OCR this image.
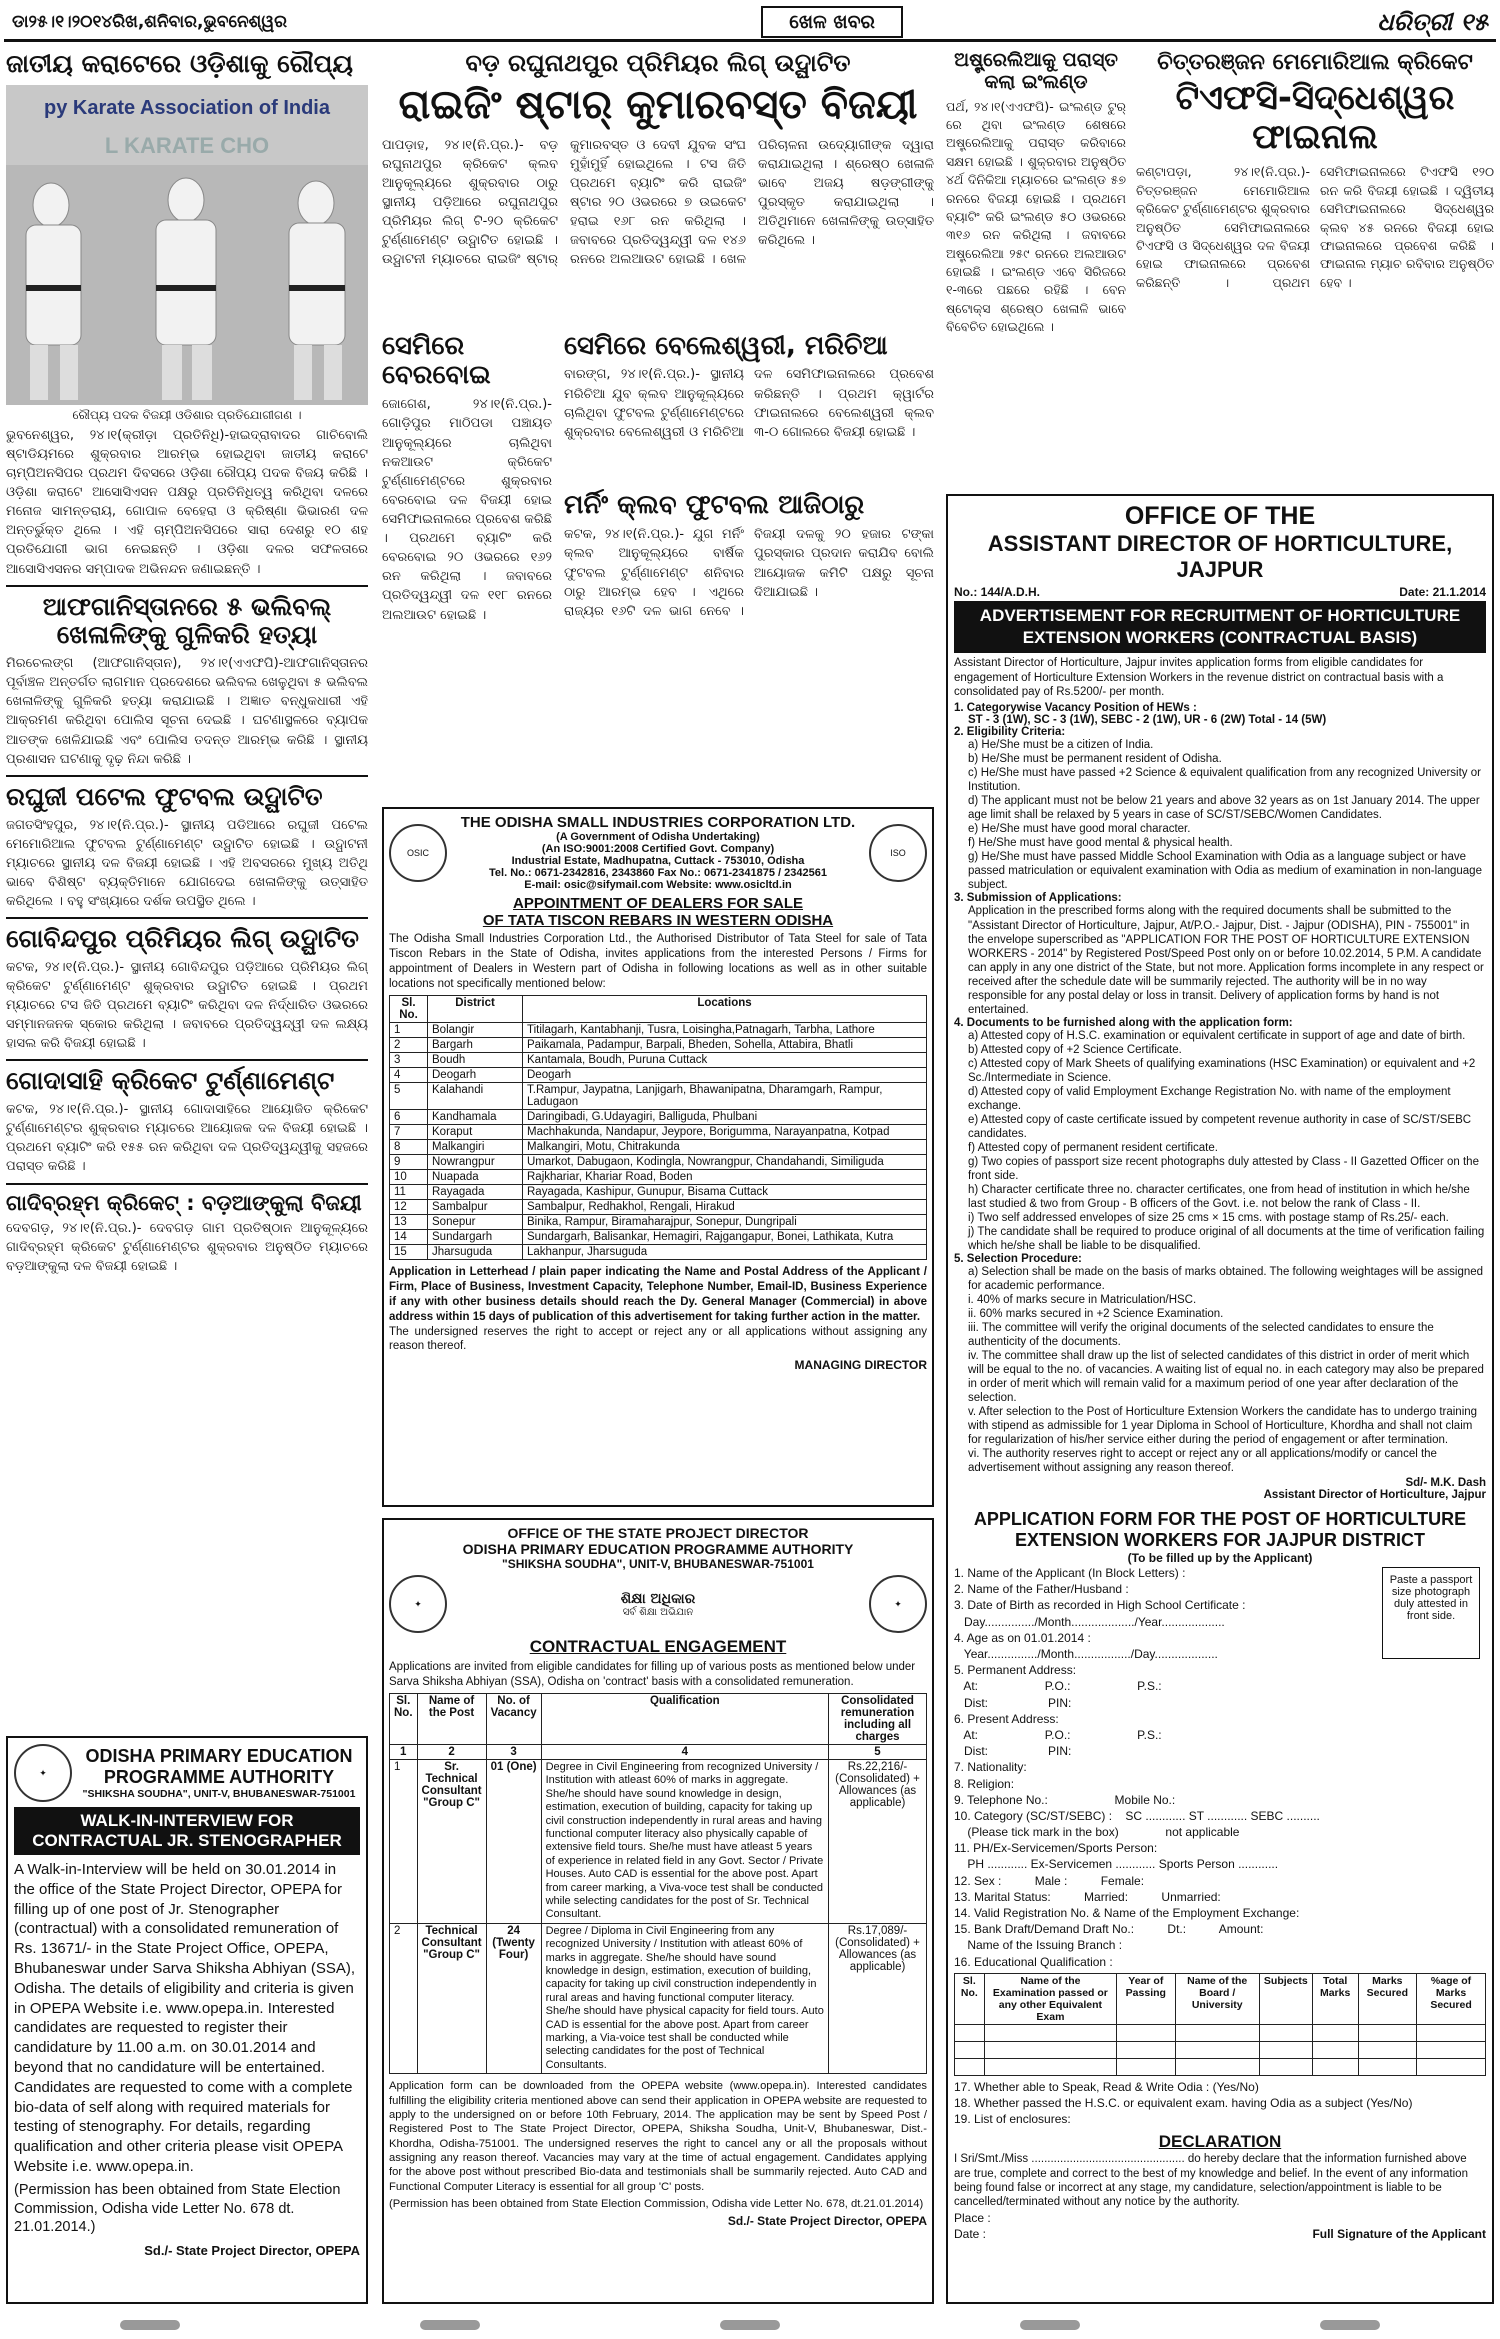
ଡା୨୫।୧।୨୦୧୪ରିଖ,ଶନିବାର,ଭୁବନେଶ୍ୱର	ଖେଳ ଖବର	ଧରିତ୍ରୀ ୧୫
ଜାତୀୟ କରାଟେରେ ଓଡ଼ିଶାକୁ ରୌପ୍ୟ
py Karate Association of India
L KARATE CHO
ରୌପ୍ୟ ପଦକ ବିଜୟୀ ଓଡିଶାର ପ୍ରତିଯୋଗୀଗଣ ।
ଭୁବନେଶ୍ୱର, ୨୪।୧(କ୍ରୀଡ଼ା ପ୍ରତିନିଧି)-ହାଇଦ୍ରାବାଦର ଗାଚିବୋଲି ଷ୍ଟାଡିୟମରେ ଶୁକ୍ରବାର ଆରମ୍ଭ ହୋଇଥିବା ଜାତୀୟ କରାଟେ ଚାମ୍ପିଅନସିପର ପ୍ରଥମ ଦିବସରେ ଓଡ଼ିଶା ରୌପ୍ୟ ପଦକ ବିଜୟ କରିଛି । ଓଡ଼ିଶା କରାଟେ ଆସୋସିଏସନ ପକ୍ଷରୁ ପ୍ରତିନିଧିତ୍ୱ କରିଥିବା ଦଳରେ ମନୋଜ ସାମନ୍ତରାୟ, ଗୋପାଳ ବେହେରା ଓ କ୍ରିଷ୍ଣା ଭିଭାରଣ ଦଳ ଅନ୍ତର୍ଭୁକ୍ତ ଥିଲେ । ଏହି ଚାମ୍ପିଅନସିପରେ ସାରା ଦେଶରୁ ୧୦ ଶହ ପ୍ରତିଯୋଗୀ ଭାଗ ନେଇଛନ୍ତି । ଓଡ଼ିଶା ଦଳର ସଫଳତାରେ ଆସୋସିଏସନର ସମ୍ପାଦକ ଅଭିନନ୍ଦନ ଜଣାଇଛନ୍ତି ।
ଆଫଗାନିସ୍ତାନରେ ୫ ଭଲିବଲ୍ ଖେଳାଳିଙ୍କୁ ଗୁଳିକରି ହତ୍ୟା
ମିରଚେଲଙ୍ଗ (ଆଫଗାନିସ୍ତାନ), ୨୪।୧(ଏଏଫପି)-ଆଫଗାନିସ୍ତାନର ପୂର୍ବାଞ୍ଚଳ ଅନ୍ତର୍ଗତ ଲାଗମାନ ପ୍ରଦେଶରେ ଭଲିବଲ ଖେଳୁଥିବା ୫ ଭଲିବଲ ଖେଳାଳିଙ୍କୁ ଗୁଳିକରି ହତ୍ୟା କରାଯାଇଛି । ଅଜ୍ଞାତ ବନ୍ଧୁକଧାରୀ ଏହି ଆକ୍ରମଣ କରିଥିବା ପୋଲିସ ସୂଚନା ଦେଇଛି । ଘଟଣାସ୍ଥଳରେ ବ୍ୟାପକ ଆତଙ୍କ ଖେଳିଯାଇଛି ଏବଂ ପୋଲିସ ତଦନ୍ତ ଆରମ୍ଭ କରିଛି । ସ୍ଥାନୀୟ ପ୍ରଶାସନ ଘଟଣାକୁ ଦୃଢ଼ ନିନ୍ଦା କରିଛି ।
ରଘୁଜୀ ପଟେଲ ଫୁଟବଲ ଉଦ୍ଘାଟିତ
ଜଗତସିଂହପୁର, ୨୪।୧(ନି.ପ୍ର.)- ସ୍ଥାନୀୟ ପଡିଆରେ ରଘୁଜୀ ପଟେଲ ମେମୋରିଆଲ ଫୁଟବଲ ଟୁର୍ଣ୍ଣାମେଣ୍ଟ ଉଦ୍ଘାଟିତ ହୋଇଛି । ଉଦ୍ଘାଟନୀ ମ୍ୟାଚରେ ସ୍ଥାନୀୟ ଦଳ ବିଜୟୀ ହୋଇଛି । ଏହି ଅବସରରେ ମୁଖ୍ୟ ଅତିଥି ଭାବେ ବିଶିଷ୍ଟ ବ୍ୟକ୍ତିମାନେ ଯୋଗଦେଇ ଖେଳାଳିଙ୍କୁ ଉତ୍ସାହିତ କରିଥିଲେ । ବହୁ ସଂଖ୍ୟାରେ ଦର୍ଶକ ଉପସ୍ଥିତ ଥିଲେ ।
ଗୋବିନ୍ଦପୁର ପ୍ରିମିୟର ଲିଗ୍ ଉଦ୍ଘାଟିତ
କଟକ, ୨୪।୧(ନି.ପ୍ର.)- ସ୍ଥାନୀୟ ଗୋବିନ୍ଦପୁର ପଡ଼ିଆରେ ପ୍ରିମିୟର ଲିଗ୍ କ୍ରିକେଟ ଟୁର୍ଣ୍ଣାମେଣ୍ଟ ଶୁକ୍ରବାର ଉଦ୍ଘାଟିତ ହୋଇଛି । ପ୍ରଥମ ମ୍ୟାଚରେ ଟସ ଜିତି ପ୍ରଥମେ ବ୍ୟାଟିଂ କରିଥିବା ଦଳ ନିର୍ଦ୍ଧାରିତ ଓଭରରେ ସମ୍ମାନଜନକ ସ୍କୋର କରିଥିଲା । ଜବାବରେ ପ୍ରତିଦ୍ୱନ୍ଦ୍ୱୀ ଦଳ ଲକ୍ଷ୍ୟ ହାସଲ କରି ବିଜୟୀ ହୋଇଛି ।
ଗୋଦାସାହି କ୍ରିକେଟ ଟୁର୍ଣ୍ଣାମେଣ୍ଟ
କଟକ, ୨୪।୧(ନି.ପ୍ର.)- ସ୍ଥାନୀୟ ଗୋଦାସାହିରେ ଆୟୋଜିତ କ୍ରିକେଟ ଟୁର୍ଣ୍ଣାମେଣ୍ଟର ଶୁକ୍ରବାର ମ୍ୟାଚରେ ଆୟୋଜକ ଦଳ ବିଜୟୀ ହୋଇଛି । ପ୍ରଥମେ ବ୍ୟାଟିଂ କରି ୧୫୫ ରନ କରିଥିବା ଦଳ ପ୍ରତିଦ୍ୱନ୍ଦ୍ୱୀକୁ ସହଜରେ ପରାସ୍ତ କରିଛି ।
ଗାଦିବ୍ରହ୍ମ କ୍ରିକେଟ୍ : ବଡ଼ଆଙ୍କୁଲା ବିଜୟୀ
ଦେବଗଡ଼, ୨୪।୧(ନି.ପ୍ର.)- ଦେବଗଡ଼ ଗାମ ପ୍ରତିଷ୍ଠାନ ଆନୁକୂଳ୍ୟରେ ଗାଦିବ୍ରହ୍ମ କ୍ରିକେଟ ଟୁର୍ଣ୍ଣାମେଣ୍ଟର ଶୁକ୍ରବାର ଅନୁଷ୍ଠିତ ମ୍ୟାଚରେ ବଡ଼ଆଙ୍କୁଲା ଦଳ ବିଜୟୀ ହୋଇଛି ।
✦
ODISHA PRIMARY EDUCATION
PROGRAMME AUTHORITY
"SHIKSHA SOUDHA", UNIT-V, BHUBANESWAR-751001
WALK-IN-INTERVIEW FOR CONTRACTUAL JR. STENOGRAPHER
A Walk-in-Interview will be held on 30.01.2014 in the office of the State Project Director, OPEPA for filling up of one post of Jr. Stenographer (contractual) with a consolidated remuneration of Rs. 13671/- in the State Project Office, OPEPA, Bhubaneswar under Sarva Shiksha Abhiyan (SSA), Odisha. The details of eligibility and criteria is given in OPEPA Website i.e. www.opepa.in. Interested candidates are requested to register their candidature by 11.00 a.m. on 30.01.2014 and beyond that no candidature will be entertained. Candidates are requested to come with a complete bio-data of self along with required materials for testing of stenography. For details, regarding qualification and other criteria please visit OPEPA Website i.e. www.opepa.in.
(Permission has been obtained from State Election Commission, Odisha vide Letter No. 678 dt. 21.01.2014.)
Sd./- State Project Director, OPEPA
ବଡ଼ ରଘୁନାଥପୁର ପ୍ରିମିୟର ଲିଗ୍ ଉଦ୍ଘାଟିତ
ରାଇଜିଂ ଷ୍ଟାର୍ କୁମାରବସ୍ତ ବିଜୟୀ
ପାପଡ଼ାହ, ୨୪।୧(ନି.ପ୍ର.)- ବଡ଼ ରଘୁନାଥପୁର କ୍ରିକେଟ କ୍ଲବ ଆନୁକୂଲ୍ୟରେ ଶୁକ୍ରବାର ଠାରୁ ସ୍ଥାନୀୟ ପଡ଼ିଆରେ ରଘୁନାଥପୁର ପ୍ରିମିୟର ଲିଗ୍ ଟି-୨୦ କ୍ରିକେଟ ଟୁର୍ଣ୍ଣାମେଣ୍ଟ ଉଦ୍ଘାଟିତ ହୋଇଛି । ଉଦ୍ଘାଟନୀ ମ୍ୟାଚରେ ରାଇଜିଂ ଷ୍ଟାର୍ କୁମାରବସ୍ତ ଓ ଦେବୀ ଯୁବକ ସଂଘ ମୁହାଁମୁହିଁ ହୋଇଥିଲେ । ଟସ ଜିତି ପ୍ରଥମେ ବ୍ୟାଟିଂ କରି ରାଇଜିଂ ଷ୍ଟାର ୨୦ ଓଭରରେ ୭ ଉଇକେଟ ହରାଇ ୧୬୮ ରନ କରିଥିଲା । ଜବାବରେ ପ୍ରତିଦ୍ୱନ୍ଦ୍ୱୀ ଦଳ ୧୪୬ ରନରେ ଅଲଆଉଟ ହୋଇଛି । ଖେଳ ପରିଚାଳନା ଉଦ୍ୟୋଗୀଙ୍କ ଦ୍ୱାରା କରାଯାଇଥିଲା । ଶ୍ରେଷ୍ଠ ଖେଳାଳି ଭାବେ ଅଜୟ ଷଡ଼ଙ୍ଗୀଙ୍କୁ ପୁରସ୍କୃତ କରାଯାଇଥିଲା । ଅତିଥିମାନେ ଖେଳାଳିଙ୍କୁ ଉତ୍ସାହିତ କରିଥିଲେ ।
ସେମିରେ ବେରବୋଇ
ଜୋଗେଶ, ୨୪।୧(ନି.ପ୍ର.)- ଗୋଡ଼ିପୁର ମାଠିପଡା ପଞ୍ଚାୟତ ଆନୁକୂଲ୍ୟରେ ଚାଲିଥିବା ନକଆଉଟ କ୍ରିକେଟ ଟୁର୍ଣ୍ଣାମେଣ୍ଟରେ ଶୁକ୍ରବାର ବେରବୋଇ ଦଳ ବିଜୟୀ ହୋଇ ସେମିଫାଇନାଲରେ ପ୍ରବେଶ କରିଛି । ପ୍ରଥମେ ବ୍ୟାଟିଂ କରି ବେରବୋଇ ୨୦ ଓଭରରେ ୧୬୨ ରନ କରିଥିଲା । ଜବାବରେ ପ୍ରତିଦ୍ୱନ୍ଦ୍ୱୀ ଦଳ ୧୧୮ ରନରେ ଅଲଆଉଟ ହୋଇଛି ।
ସେମିରେ ବେଲେଶ୍ୱରୀ, ମରିଚିଆ
ବାରଙ୍ଗ, ୨୪।୧(ନି.ପ୍ର.)- ସ୍ଥାନୀୟ ମରିଚିଆ ଯୁବ କ୍ଲବ ଆନୁକୂଲ୍ୟରେ ଚାଲିଥିବା ଫୁଟବଲ ଟୁର୍ଣ୍ଣାମେଣ୍ଟରେ ଶୁକ୍ରବାର ବେଲେଶ୍ୱରୀ ଓ ମରିଚିଆ ଦଳ ସେମିଫାଇନାଲରେ ପ୍ରବେଶ କରିଛନ୍ତି । ପ୍ରଥମ କ୍ୱାର୍ଟର ଫାଇନାଲରେ ବେଲେଶ୍ୱରୀ କ୍ଲବ ୩-୦ ଗୋଲରେ ବିଜୟୀ ହୋଇଛି ।
ମର୍ନିଂ କ୍ଲବ ଫୁଟବଲ ଆଜିଠାରୁ
କଟକ, ୨୪।୧(ନି.ପ୍ର.)- ଯୁଗ ମର୍ନିଂ କ୍ଲବ ଆନୁକୂଲ୍ୟରେ ବାର୍ଷିକ ଫୁଟବଲ ଟୁର୍ଣ୍ଣାମେଣ୍ଟ ଶନିବାର ଠାରୁ ଆରମ୍ଭ ହେବ । ଏଥିରେ ରାଜ୍ୟର ୧୬ଟି ଦଳ ଭାଗ ନେବେ । ବିଜୟୀ ଦଳକୁ ୨୦ ହଜାର ଟଙ୍କା ପୁରସ୍କାର ପ୍ରଦାନ କରାଯିବ ବୋଲି ଆୟୋଜକ କମିଟି ପକ୍ଷରୁ ସୂଚନା ଦିଆଯାଇଛି ।
OSIC
THE ODISHA SMALL INDUSTRIES CORPORATION LTD.
(A Government of Odisha Undertaking)
(An ISO:9001:2008 Certified Govt. Company)
Industrial Estate, Madhupatna, Cuttack - 753010, Odisha
Tel. No.: 0671-2342816, 2343860 Fax No.: 0671-2341875 / 2342561
E-mail: osic@sifymail.com Website: www.osicltd.in
ISO
APPOINTMENT OF DEALERS FOR SALE
OF TATA TISCON REBARS IN WESTERN ODISHA
The Odisha Small Industries Corporation Ltd., the Authorised Distributor of Tata Steel for sale of Tata Tiscon Rebars in the State of Odisha, invites applications from the interested Persons / Firms for appointment of Dealers in Western part of Odisha in following locations as well as in other suitable locations not specifically mentioned below:
Sl. No.	District	Locations
1	Bolangir	Titilagarh, Kantabhanji, Tusra, Loisingha,Patnagarh, Tarbha, Lathore
2	Bargarh	Paikamala, Padampur, Barpali, Bheden, Sohella, Attabira, Bhatli
3	Boudh	Kantamala, Boudh, Puruna Cuttack
4	Deogarh	Deogarh
5	Kalahandi	T.Rampur, Jaypatna, Lanjigarh, Bhawanipatna, Dharamgarh, Rampur, Ladugaon
6	Kandhamala	Daringibadi, G.Udayagiri, Balliguda, Phulbani
7	Koraput	Machhakunda, Nandapur, Jeypore, Borigumma, Narayanpatna, Kotpad
8	Malkangiri	Malkangiri, Motu, Chitrakunda
9	Nowrangpur	Umarkot, Dabugaon, Kodingla, Nowrangpur, Chandahandi, Similiguda
10	Nuapada	Rajkhariar, Khariar Road, Boden
11	Rayagada	Rayagada, Kashipur, Gunupur, Bisama Cuttack
12	Sambalpur	Sambalpur, Redhakhol, Rengali, Hirakud
13	Sonepur	Binika, Rampur, Biramaharajpur, Sonepur, Dungripali
14	Sundargarh	Sundargarh, Balisankar, Hemagiri, Rajgangapur, Bonei, Lathikata, Kutra
15	Jharsuguda	Lakhanpur, Jharsuguda
Application in Letterhead / plain paper indicating the Name and Postal Address of the Applicant / Firm, Place of Business, Investment Capacity, Telephone Number, Email-ID, Business Experience if any with other business details should reach the Dy. General Manager (Commercial) in above address within 15 days of publication of this advertisement for taking further action in the matter.
The undersigned reserves the right to accept or reject any or all applications without assigning any reason thereof.
MANAGING DIRECTOR
OFFICE OF THE STATE PROJECT DIRECTOR
ODISHA PRIMARY EDUCATION PROGRAMME AUTHORITY
"SHIKSHA SOUDHA", UNIT-V, BHUBANESWAR-751001
✦	ଶିକ୍ଷା ଅଧିକାର
ସର୍ବ ଶିକ୍ଷା ଅଭିଯାନ
✦
CONTRACTUAL ENGAGEMENT
Applications are invited from eligible candidates for filling up of various posts as mentioned below under Sarva Shiksha Abhiyan (SSA), Odisha on 'contract' basis with a consolidated remuneration.
Sl. No.	Name of the Post	No. of Vacancy	Qualification	Consolidated remuneration including all charges
1	2	3	4	5
1	Sr. Technical Consultant "Group C"	01 (One)	Degree in Civil Engineering from recognized University / Institution with atleast 60% of marks in aggregate. She/he should have sound knowledge in design, estimation, execution of building, capacity for taking up civil construction independently in rural areas and having functional computer literacy also physically capable of extensive field tours. She/he must have atleast 5 years of experience in related field in any Govt. Sector / Private Houses. Auto CAD is essential for the above post. Apart from career marking, a Viva-voce test shall be conducted while selecting candidates for the post of Sr. Technical Consultant.	Rs.22,216/- (Consolidated) + Allowances (as applicable)
2	Technical Consultant "Group C"	24 (Twenty Four)	Degree / Diploma in Civil Engineering from any recognized University / Institution with atleast 60% of marks in aggregate. She/he should have sound knowledge in design, estimation, execution of building, capacity for taking up civil construction independently in rural areas and having functional computer literacy. She/he should have physical capacity for field tours. Auto CAD is essential for the above post. Apart from career marking, a Via-voice test shall be conducted while selecting candidates for the post of Technical Consultants.	Rs.17,089/- (Consolidated) + Allowances (as applicable)
Application form can be downloaded from the OPEPA website (www.opepa.in). Interested candidates fulfilling the eligibility criteria mentioned above can send their application in OPEPA website are requested to apply to the undersigned on or before 10th February, 2014. The application may be sent by Speed Post / Registered Post to The State Project Director, OPEPA, Shiksha Soudha, Unit-V, Bhubaneswar, Dist.- Khordha, Odisha-751001. The undersigned reserves the right to cancel any or all the proposals without assigning any reason thereof. Vacancies may vary at the time of actual engagement. Candidates applying for the above post without prescribed Bio-data and testimonials shall be summarily rejected. Auto CAD and Functional Computer Literacy is essential for all group 'C' posts.
(Permission has been obtained from State Election Commission, Odisha vide Letter No. 678, dt.21.01.2014)
Sd./- State Project Director, OPEPA
ଅଷ୍ଟ୍ରେଲିଆକୁ ପରାସ୍ତ କଲା ଇଂଲଣ୍ଡ
ପର୍ଥ, ୨୪।୧(ଏଏଫପି)- ଇଂଲଣ୍ଡ ଟୁର୍ ରେ ଥିବା ଇଂଲଣ୍ଡ ଶେଷରେ ଅଷ୍ଟ୍ରେଲିଆକୁ ପରାସ୍ତ କରିବାରେ ସକ୍ଷମ ହୋଇଛି । ଶୁକ୍ରବାର ଅନୁଷ୍ଠିତ ୪ର୍ଥ ଦିନିକିଆ ମ୍ୟାଚରେ ଇଂଲଣ୍ଡ ୫୭ ରନରେ ବିଜୟୀ ହୋଇଛି । ପ୍ରଥମେ ବ୍ୟାଟିଂ କରି ଇଂଲଣ୍ଡ ୫୦ ଓଭରରେ ୩୧୬ ରନ କରିଥିଲା । ଜବାବରେ ଅଷ୍ଟ୍ରେଲିଆ ୨୫୯ ରନରେ ଅଲଆଉଟ ହୋଇଛି । ଇଂଲଣ୍ଡ ଏବେ ସିରିଜରେ ୧-୩ରେ ପଛରେ ରହିଛି । ବେନ ଷ୍ଟୋକ୍ସ ଶ୍ରେଷ୍ଠ ଖେଳାଳି ଭାବେ ବିବେଚିତ ହୋଇଥିଲେ ।
ଚିତ୍ତରଞ୍ଜନ ମେମୋରିଆଲ କ୍ରିକେଟ
ଟିଏଫସି-ସିଦ୍ଧେଶ୍ୱର ଫାଇନାଲ
କଣ୍ଟାପଡ଼ା, ୨୪।୧(ନି.ପ୍ର.)- ଚିତ୍ତରଞ୍ଜନ ମେମୋରିଆଲ କ୍ରିକେଟ ଟୁର୍ଣ୍ଣାମେଣ୍ଟର ଶୁକ୍ରବାର ଅନୁଷ୍ଠିତ ସେମିଫାଇନାଲରେ ଟିଏଫସି ଓ ସିଦ୍ଧେଶ୍ୱର ଦଳ ବିଜୟୀ ହୋଇ ଫାଇନାଲରେ ପ୍ରବେଶ କରିଛନ୍ତି । ପ୍ରଥମ ସେମିଫାଇନାଲରେ ଟିଏଫସି ୧୨୦ ରନ କରି ବିଜୟୀ ହୋଇଛି । ଦ୍ୱିତୀୟ ସେମିଫାଇନାଲରେ ସିଦ୍ଧେଶ୍ୱର କ୍ଲବ ୪୫ ରନରେ ବିଜୟୀ ହୋଇ ଫାଇନାଲରେ ପ୍ରବେଶ କରିଛି । ଫାଇନାଲ ମ୍ୟାଚ ରବିବାର ଅନୁଷ୍ଠିତ ହେବ ।
OFFICE OF THE
ASSISTANT DIRECTOR OF HORTICULTURE, JAJPUR
No.: 144/A.D.H.	Date: 21.1.2014
ADVERTISEMENT FOR RECRUITMENT OF HORTICULTURE EXTENSION WORKERS (CONTRACTUAL BASIS)
Assistant Director of Horticulture, Jajpur invites application forms from eligible candidates for engagement of Horticulture Extension Workers in the revenue district on contractual basis with a consolidated pay of Rs.5200/- per month.
1. Categorywise Vacancy Position of HEWs :
ST - 3 (1W), SC - 3 (1W), SEBC - 2 (1W), UR - 6 (2W) Total - 14 (5W)
2. Eligibility Criteria:
a) He/She must be a citizen of India.
b) He/She must be permanent resident of Odisha.
c) He/She must have passed +2 Science & equivalent qualification from any recognized University or Institution.
d) The applicant must not be below 21 years and above 32 years as on 1st January 2014. The upper age limit shall be relaxed by 5 years in case of SC/ST/SEBC/Women Candidates.
e) He/She must have good moral character.
f) He/She must have good mental & physical health.
g) He/She must have passed Middle School Examination with Odia as a language subject or have passed matriculation or equivalent examination with Odia as medium of examination in non-language subject.
3. Submission of Applications:
Application in the prescribed forms along with the required documents shall be submitted to the "Assistant Director of Horticulture, Jajpur, At/P.O.- Jajpur, Dist. - Jajpur (ODISHA), PIN - 755001" in the envelope superscribed as "APPLICATION FOR THE POST OF HORTICULTURE EXTENSION WORKERS - 2014" by Registered Post/Speed Post only on or before 10.02.2014, 5 P.M. A candidate can apply in any one district of the State, but not more. Application forms incomplete in any respect or received after the schedule date will be summarily rejected. The authority will be in no way responsible for any postal delay or loss in transit. Delivery of application forms by hand is not entertained.
4. Documents to be furnished along with the application form:
a) Attested copy of H.S.C. examination or equivalent certificate in support of age and date of birth.
b) Attested copy of +2 Science Certificate.
c) Attested copy of Mark Sheets of qualifying examinations (HSC Examination) or equivalent and +2 Sc./Intermediate in Science.
d) Attested copy of valid Employment Exchange Registration No. with name of the employment exchange.
e) Attested copy of caste certificate issued by competent revenue authority in case of SC/ST/SEBC candidates.
f) Attested copy of permanent resident certificate.
g) Two copies of passport size recent photographs duly attested by Class - II Gazetted Officer on the front side.
h) Character certificate three no. character certificates, one from head of institution in which he/she last studied & two from Group - B officers of the Govt. i.e. not below the rank of Class - II.
i) Two self addressed envelopes of size 25 cms × 15 cms. with postage stamp of Rs.25/- each.
j) The candidate shall be required to produce original of all documents at the time of verification failing which he/she shall be liable to be disqualified.
5. Selection Procedure:
a) Selection shall be made on the basis of marks obtained. The following weightages will be assigned for academic performance.
i. 40% of marks secure in Matriculation/HSC.
ii. 60% marks secured in +2 Science Examination.
iii. The committee will verify the original documents of the selected candidates to ensure the authenticity of the documents.
iv. The committee shall draw up the list of selected candidates of this district in order of merit which will be equal to the no. of vacancies. A waiting list of equal no. in each category may also be prepared in order of merit which will remain valid for a maximum period of one year after declaration of the selection.
v. After selection to the Post of Horticulture Extension Workers the candidate has to undergo training with stipend as admissible for 1 year Diploma in School of Horticulture, Khordha and shall not claim for regularization of his/her service either during the period of engagement or after termination.
vi. The authority reserves right to accept or reject any or all applications/modify or cancel the advertisement without assigning any reason thereof.
Sd/- M.K. Dash
Assistant Director of Horticulture, Jajpur
APPLICATION FORM FOR THE POST OF HORTICULTURE
EXTENSION WORKERS FOR JAJPUR DISTRICT
(To be filled up by the Applicant)
Paste a passport size photograph duly attested in front side.
1. Name of the Applicant (In Block Letters) :
2. Name of the Father/Husband :
3. Date of Birth as recorded in High School Certificate :
Day.............../Month.................../Year...................
4. Age as on 01.01.2014 :
Year.............../Month................./Day...................
5. Permanent Address:
At:                    P.O.:                    P.S.:
Dist:                  PIN:
6. Present Address:
At:                    P.O.:                    P.S.:
Dist:                  PIN:
7. Nationality:
8. Religion:
9. Telephone No.:                    Mobile No.:
10. Category (SC/ST/SEBC) :    SC ............ ST ............ SEBC ..........
(Please tick mark in the box)              not applicable
11. PH/Ex-Servicemen/Sports Person:
PH ............ Ex-Servicemen ............ Sports Person ............
12. Sex :          Male :          Female:
13. Marital Status:          Married:          Unmarried:
14. Valid Registration No. & Name of the Employment Exchange:
15. Bank Draft/Demand Draft No.:          Dt.:          Amount:
Name of the Issuing Branch :
16. Educational Qualification :
Sl. No.	Name of the Examination passed or any other Equivalent Exam	Year of Passing	Name of the Board / University	Subjects	Total Marks	Marks Secured	%age of Marks Secured

17. Whether able to Speak, Read & Write Odia : (Yes/No)
18. Whether passed the H.S.C. or equivalent exam. having Odia as a subject (Yes/No)
19. List of enclosures:
DECLARATION
I Sri/Smt./Miss ................................................ do hereby declare that the information furnished above are true, complete and correct to the best of my knowledge and belief. In the event of any information being found false or incorrect at any stage, my candidature, selection/appointment is liable to be cancelled/terminated without any notice by the authority.
Place :
Date :	Full Signature of the Applicant
